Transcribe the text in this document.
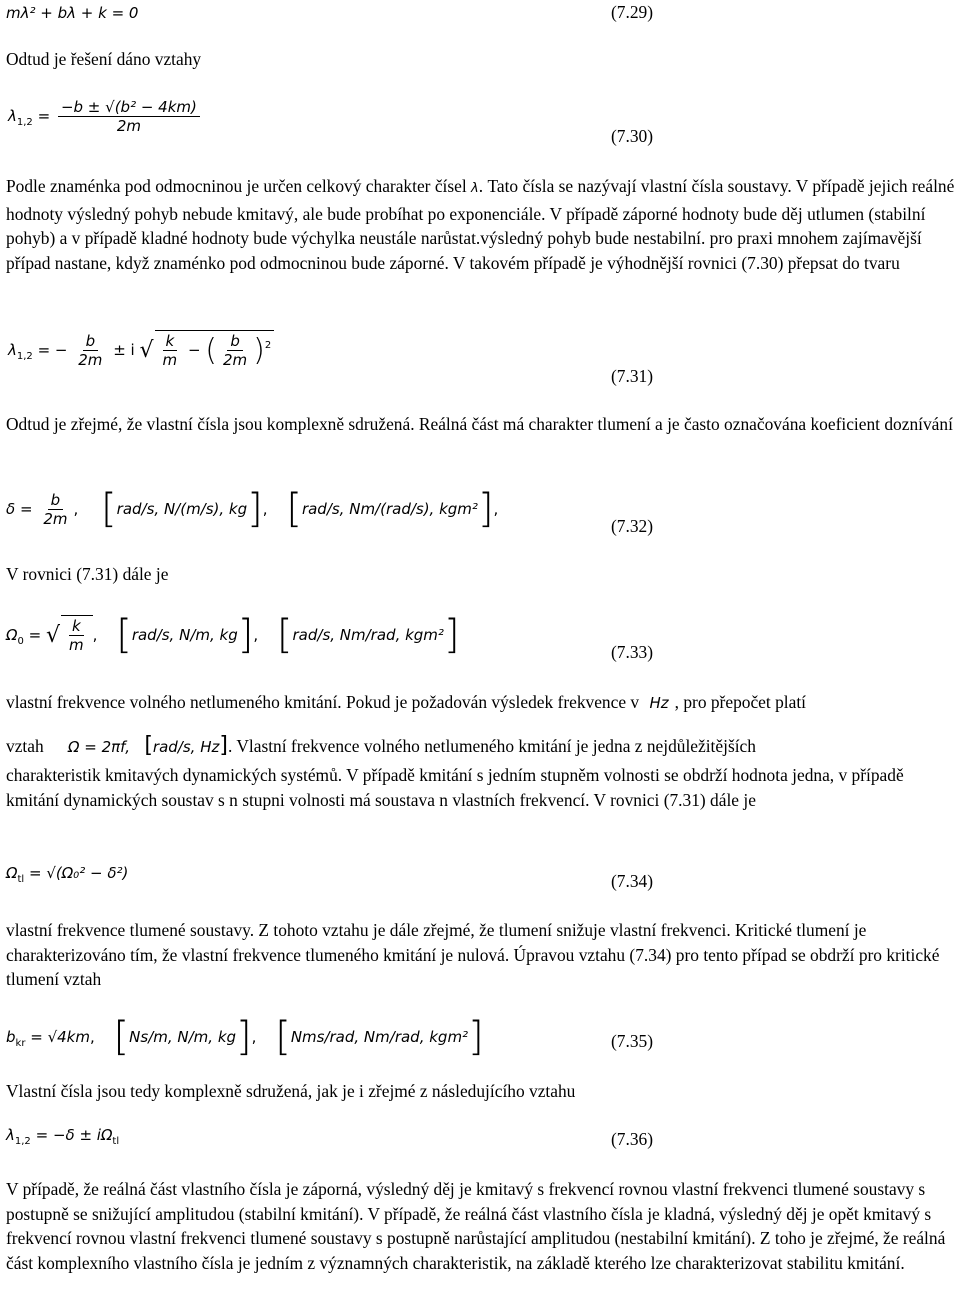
mλ² + bλ + k = 0	(7.29)
Odtud je řešení dáno vztahy
$\lambda_{1,2} = \frac{\text{−b ± √(b² − 4km)}}{2m}$
(7.30)
Podle znaménka pod odmocninou je určen celkový charakter čísel λ. Tato čísla se nazývají vlastní čísla soustavy. V případě jejich reálné hodnoty výsledný pohyb nebude kmitavý, ale bude probíhat po exponenciále. V případě záporné hodnoty bude děj utlumen (stabilní pohyb) a v případě kladné hodnoty bude výchylka neustále narůstat.výsledný pohyb bude nestabilní. pro praxi mnohem zajímavější případ nastane, když znaménko pod odmocninou bude záporné. V takovém případě je výhodnější rovnici (7.30) přepsat do tvaru
$\lambda_{1,2}$ = − $\frac{b}{2m} \pm i$ √ $\frac{k}{m}$ − ( $\frac{b}{2m} )^2$
(7.31)
Odtud je zřejmé, že vlastní čísla jsou komplexně sdružená. Reálná část má charakter tlumení a je často označována koeficient doznívání
$\delta = \frac{b}{2m}$ , [rad/s, N/(m/s), kg], [rad/s, Nm/(rad/s), kgm²],
(7.32)
V rovnici (7.31) dále je
$\Omega_0$ = √ $\frac{k}{m}$ , [rad/s, N/m, kg], [rad/s, Nm/rad, kgm²]	(7.33)
vlastní frekvence volného netlumeného kmitání. Pokud je požadován výsledek frekvence v Hz , pro přepočet platí
vztah Ω = 2πf, [rad/s, Hz]. Vlastní frekvence volného netlumeného kmitání je jedna z nejdůležitějších
charakteristik kmitavých dynamických systémů. V případě kmitání s jedním stupněm volnosti se obdrží hodnota jedna, v případě kmitání dynamických soustav s n stupni volnosti má soustava n vlastních frekvencí. V rovnici (7.31) dále je
$\Omega_{tl} = √(\Omega_0^2 - \delta^2)$	(7.34)
vlastní frekvence tlumené soustavy. Z tohoto vztahu je dále zřejmé, že tlumení snižuje vlastní frekvenci. Kritické tlumení je charakterizováno tím, že vlastní frekvence tlumeného kmitání je nulová. Úpravou vztahu (7.34) pro tento případ se obdrží pro kritické tlumení vztah
$b_{kr} = √4km$, [Ns/m, N/m, kg], [Nms/rad, Nm/rad, kgm²]	(7.35)
Vlastní čísla jsou tedy komplexně sdružená, jak je i zřejmé z následujícího vztahu
$\lambda_{1,2} = -\delta \pm i\Omega_{tl}$	(7.36)
V případě, že reálná část vlastního čísla je záporná, výsledný děj je kmitavý s frekvencí rovnou vlastní frekvenci tlumené soustavy s postupně se snižující amplitudou (stabilní kmitání). V případě, že reálná část vlastního čísla je kladná, výsledný děj je opět kmitavý s frekvencí rovnou vlastní frekvenci tlumené soustavy s postupně narůstající amplitudou (nestabilní kmitání). Z toho je zřejmé, že reálná část komplexního vlastního čísla je jedním z významných charakteristik, na základě kterého lze charakterizovat stabilitu kmitání.
